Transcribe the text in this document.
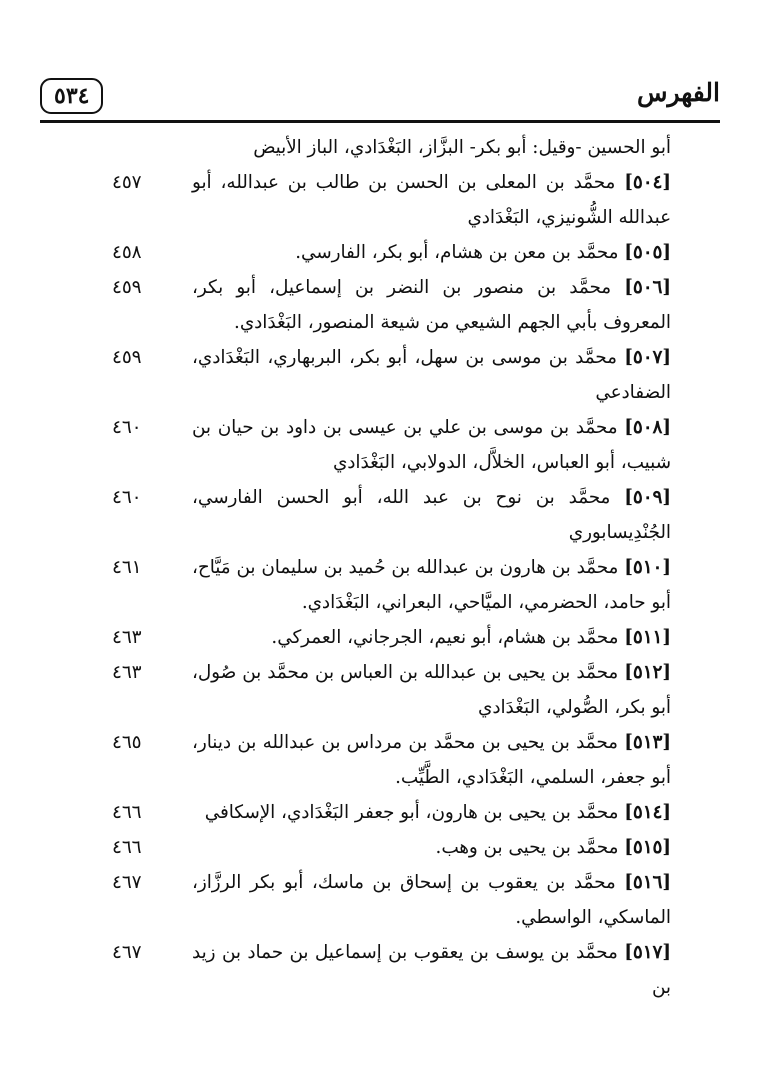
الفهرس
٥٣٤
أبو الحسين -وقيل: أبو بكر- البزَّاز، البَغْدَادي، الباز الأبيض
[٥٠٤] محمَّد بن المعلى بن الحسن بن طالب بن عبدالله، أبو عبدالله الشُّونيزي، البَغْدَادي
٤٥٧
[٥٠٥] محمَّد بن معن بن هشام، أبو بكر، الفارسي.
٤٥٨
[٥٠٦] محمَّد بن منصور بن النضر بن إسماعيل، أبو بكر، المعروف بأبي الجهم الشيعي من شيعة المنصور، البَغْدَادي.
٤٥٩
[٥٠٧] محمَّد بن موسى بن سهل، أبو بكر، البربهاري، البَغْدَادي، الضفادعي
٤٥٩
[٥٠٨] محمَّد بن موسى بن علي بن عيسى بن داود بن حيان بن شبيب، أبو العباس، الخلاَّل، الدولابي، البَغْدَادي
٤٦٠
[٥٠٩] محمَّد بن نوح بن عبد الله، أبو الحسن الفارسي، الجُنْدِيسابوري
٤٦٠
[٥١٠] محمَّد بن هارون بن عبدالله بن حُميد بن سليمان بن مَيَّاح، أبو حامد، الحضرمي، الميَّاحي، البعراني، البَغْدَادي.
٤٦١
[٥١١] محمَّد بن هشام، أبو نعيم، الجرجاني، العمركي.
٤٦٣
[٥١٢] محمَّد بن يحيى بن عبدالله بن العباس بن محمَّد بن صُول، أبو بكر، الصُّولي، البَغْدَادي
٤٦٣
[٥١٣] محمَّد بن يحيى بن محمَّد بن مرداس بن عبدالله بن دينار، أبو جعفر، السلمي، البَغْدَادي، الطَّيِّب.
٤٦٥
[٥١٤] محمَّد بن يحيى بن هارون، أبو جعفر البَغْدَادي، الإسكافي
٤٦٦
[٥١٥] محمَّد بن يحيى بن وهب.
٤٦٦
[٥١٦] محمَّد بن يعقوب بن إسحاق بن ماسك، أبو بكر الرزَّاز، الماسكي، الواسطي.
٤٦٧
[٥١٧] محمَّد بن يوسف بن يعقوب بن إسماعيل بن حماد بن زيد بن
٤٦٧
